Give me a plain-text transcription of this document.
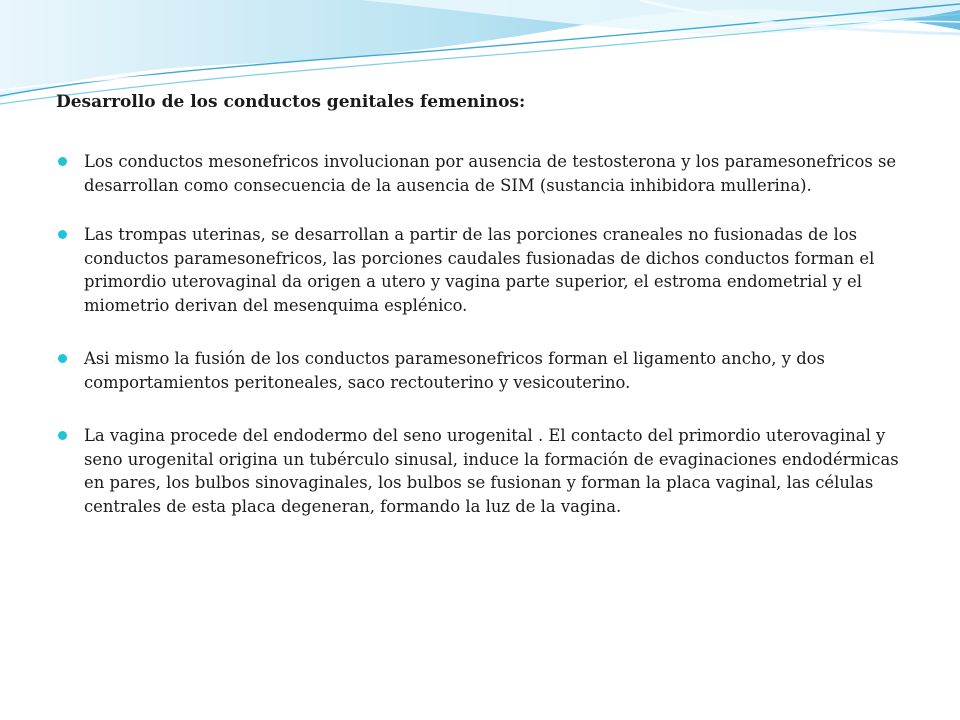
Desarrollo de los conductos genitales femeninos:
Los conductos mesonefricos involucionan por ausencia de testosterona y los paramesonefricos se desarrollan como consecuencia de la ausencia de SIM (sustancia inhibidora mullerina).
Las trompas uterinas, se desarrollan a partir de las porciones craneales no fusionadas de los conductos paramesonefricos, las porciones caudales fusionadas de dichos conductos forman el primordio uterovaginal da origen a utero y vagina parte superior, el estroma endometrial y el miometrio derivan del mesenquima esplénico.
Asi mismo la fusión de los conductos paramesonefricos forman el ligamento ancho, y dos comportamientos peritoneales, saco rectouterino y vesicouterino.
La vagina procede del endodermo del seno urogenital . El contacto del primordio uterovaginal y seno urogenital origina un tubérculo sinusal, induce la formación de evaginaciones endodérmicas en pares, los bulbos sinovaginales, los bulbos se fusionan y forman la placa vaginal, las células centrales de esta placa degeneran, formando la luz de la vagina.
